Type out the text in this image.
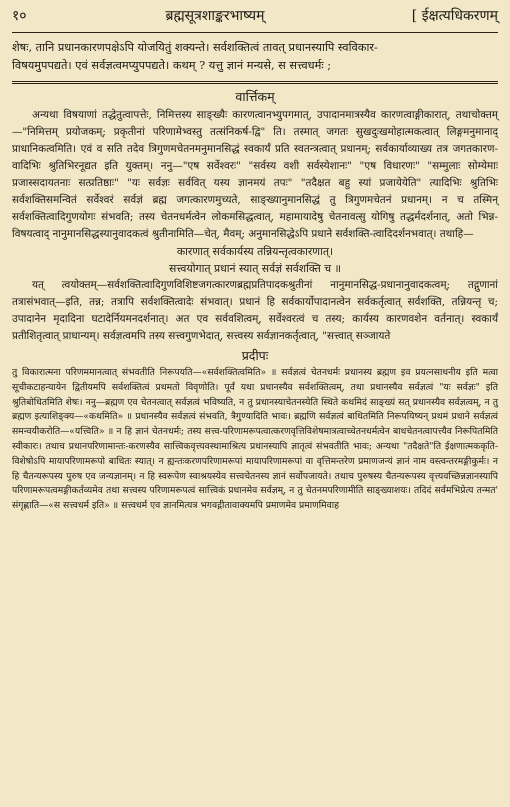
१०	ब्रह्मसूत्रशाङ्करभाष्यम्	[ ईक्षत्यधिकरणम्

शेषः, तानि प्रधानकारणपक्षेऽपि योजयितुं शक्यन्ते। सर्वशक्तित्वं तावत् प्रधानस्यापि स्वविकार-

विषयमुपपद्यते। एवं सर्वज्ञत्वमप्युपपद्यते। कथम् ? यत्तु ज्ञानं मन्यसे, स सत्त्वधर्मः ;

वार्त्तिकम्

अन्यथा विषयाणां तद्धेतुत्वापत्तेः, निमित्तस्य साङ्ख्यैः कारणत्वानभ्युपगमात्, उपादानमात्रस्यैव कारणत्वाङ्गीकारात्, तथाचोक्तम्—"निमित्तम् प्रयोजकम्; प्रकृतीनां परिणामेभ्वस्तु तत्संनिकर्ष-द्वि" ति। तस्मात् जगतः सुखदुःखमोहात्मकत्वात् लिङ्गमनुमानाद् प्राधानिकत्वमिति। एवं व सति तदेव त्रिगुणमचेतनमनुमानसिद्धं स्वकार्यं प्रति स्वतन्त्रत्वात् प्रधानम्; सर्वकार्याव्याख्य तत्र जगतकारण-वादिभिः श्रुतिभिरनूद्यत इति युक्तम्। ननु—"एष सर्वेश्वरः" "सर्वस्य वशी सर्वस्येशानः" "एष विधारणः" "सम्मुलाः सोम्येमाः प्रजास्सदायतनाः सत्प्रतिष्ठाः" "यः सर्वज्ञः सर्ववित् यस्य ज्ञानमयं तपः" "तदैक्षत बहु स्यां प्रजायेयेति" त्यादिभिः श्रुतिभिः सर्वशक्तिसमन्वितं सर्वेश्वरं सर्वज्ञं ब्रह्म जगत्कारणमुच्यते, साङ्ख्यानुमानसिद्धं तु त्रिगुणमचेतनं प्रधानम्। न च तस्मिन् सर्वशक्तित्वादिगुणयोगः संभवति; तस्य चेतनधर्मत्वेन लोकमसिद्धत्वात्, महामायादेषु चेतनावत्सु योगिषु तद्धर्मदर्शनात्, अतो भिन्न-विषयत्वाद् नानुमानसिद्धस्यानुवादकत्वं श्रुतीनामिति—चेत्, मैवम्; अनुमानसिद्धेऽपि प्रधाने सर्वशक्ति-त्वादिदर्शनभवात्। तथाहि—

कारणात् सर्वकार्यस्य तन्नियन्तृत्वकारणात्।
सत्त्वयोगात् प्रधानं स्यात् सर्वज्ञं सर्वशक्ति च ॥

यत् त्वयोक्तम्—सर्वशक्तित्वादिगुणविशिष्टजगत्कारणब्रह्मप्रतिपादकश्रुतीनां नानुमानसिद्ध-प्रधानानुवादकत्वम्; तद्गुणानां तत्रासंभवात्—इति, तन्न; तत्रापि सर्वशक्तित्वादेः संभवात्। प्रधानं हि सर्वकार्योपादानत्वेन सर्वकर्तृत्वात् सर्वशक्ति, तन्नियन्तृ च; उपादानेन मृदादिना घटादेर्नियमनदर्शनात्। अत एव सर्ववशित्वम्, सर्वेश्वरत्वं च तस्य; कार्यस्य कारणवशेन वर्तनात्। स्वकार्यं प्रतीशितृत्वात् प्राधान्यम्। सर्वज्ञत्वमपि तस्य सत्त्वगुणभेदात्, सत्त्वस्य सर्वज्ञानकर्तृत्वात्, "सत्त्वात् सञ्जायते

प्रदीपः

तु विकारात्मना परिणममानत्वात् संभवतीति निरूपयति—«सर्वशक्तित्वमिति» ॥ सर्वज्ञत्वं चेतनधर्मः प्रधानस्य ब्रह्मण इव प्रयत्नसाधनीय इति मत्वा सूचीकटाहन्यायेन द्वितीयमपि सर्वशक्तित्वं प्रथमतो विवृणोति। पूर्वं यथा प्रधानस्यैव सर्वशक्तित्वम्, तथा प्रधानस्यैव सर्वज्ञत्वं "यः सर्वज्ञः" इति श्रुतिबोधितमिति शेषः। ननु—ब्रह्मण एव चेतनत्वात् सर्वज्ञत्वं भविष्यति, न तु प्रधानस्याचेतनस्येति स्थिते कथमिदं साङ्ख्यं सत् प्रधानस्यैव सर्वज्ञत्वम्, न तु ब्रह्मण इत्याशिङ्क्य—«कथमिति» ॥ प्रधानस्यैव सर्वज्ञत्वं संभवति, त्रैगुण्यादिति भावः। ब्रह्मणि सर्वज्ञत्वं बाधितमिति निरूपयिष्यन् प्रथमं प्रधाने सर्वज्ञत्वं समन्वयीकरोति—«यत्त्विति» ॥ न हि ज्ञानं चेतनधर्मः; तस्य सत्त्व-परिणामरूपत्वात्करणवृत्तिविशेषमात्रत्वाच्चेतनधर्मत्वेन बाधचेतनत्वापत्त्यैव निरूपितमिति स्वीकारः। तथाच प्रधानपरिणामान्तः-करणस्यैव सात्त्विकवृत्त्यवस्थामाश्रित्य प्रधानस्यापि ज्ञातृत्वं संभवतीति भावः; अन्यथा "तदैक्षते"ति ईक्षणात्मककृति-विशेषोऽपि मायापरिणामरूपो बाधितः स्यात्। न ह्यन्तःकरणपरिणामरूपां मायापरिणामरूपां वा वृत्तिमन्तरेण प्रमाणजन्यं ज्ञानं नाम वस्त्वन्तरमङ्गीकुर्मः। न हि चैतन्यरूपस्य पुरुष एव जन्यज्ञानम्। न हि स्वरूपेण स्वाश्रयस्येव सत्त्वचेतनस्य ज्ञानं सर्वोपजायते। तथाच पुरुषस्य चैतन्यरूपस्य वृत्त्यवच्छिन्नज्ञानस्यापि परिणामरूपत्वमङ्गीकर्तव्यमेव तथा सत्त्वस्य परिणामरूपत्वं सात्त्विकं प्रधानमेव सर्वज्ञम्, न तु चेतनमपरिणामीति साङ्ख्याशयः। तदिदं सर्वमभिप्रेत्य तन्मत' संगृह्णाति—«स सत्त्वधर्म इति» ॥ सत्त्वधर्म एव ज्ञानमित्यत्र भगवद्गीतावाक्यमपि प्रमाणमेव प्रमाणमिवाह
